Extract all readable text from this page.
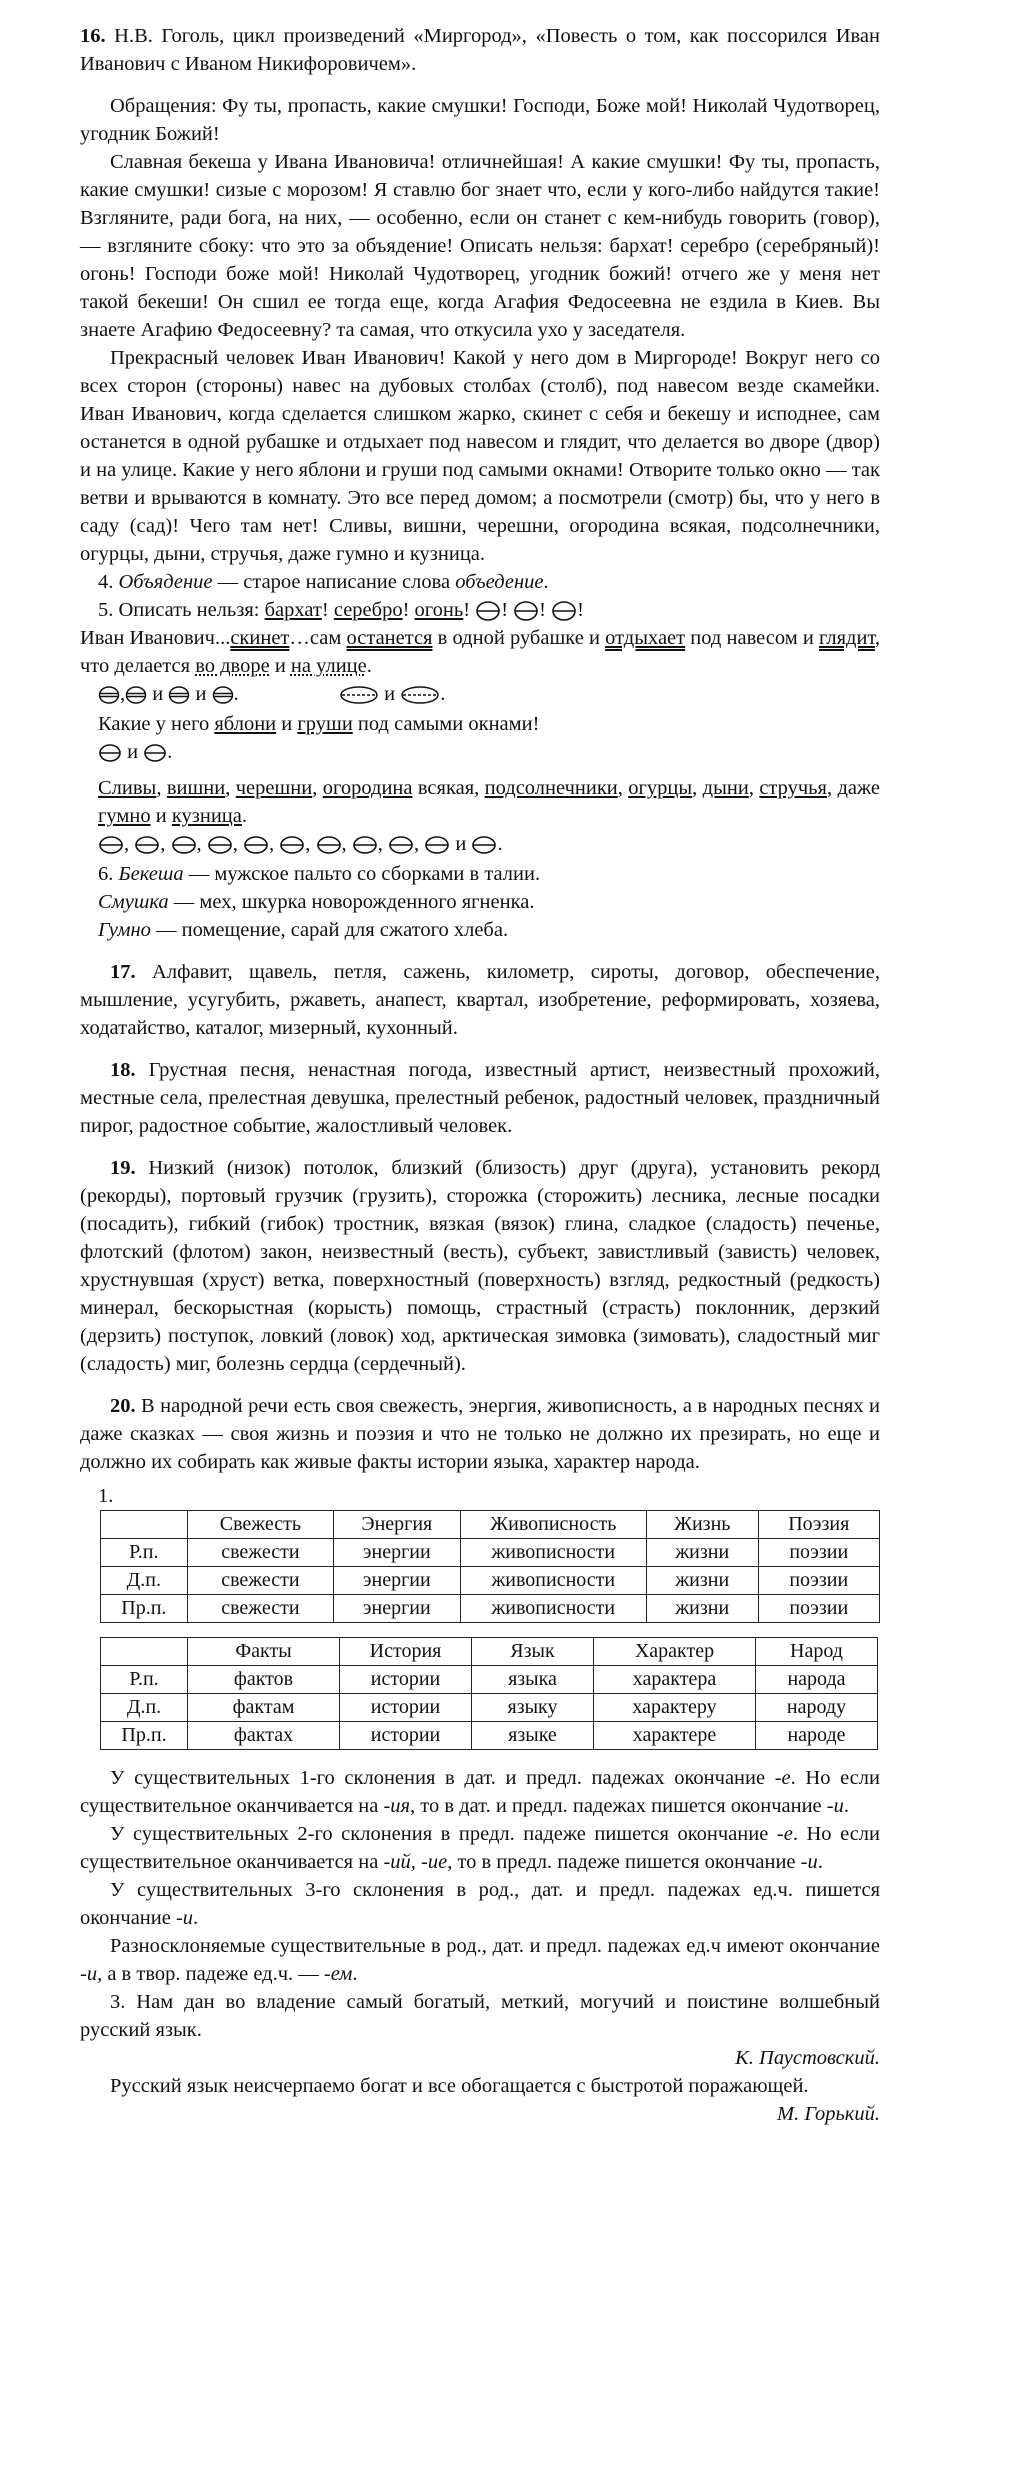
16. Н.В. Гоголь, цикл произведений «Миргород», «Повесть о том, как поссорился Иван Иванович с Иваном Никифоровичем».

Обращения: Фу ты, пропасть, какие смушки! Господи, Боже мой! Николай Чудотворец, угодник Божий!

Славная бекеша у Ивана Ивановича! отличнейшая! А какие смушки! Фу ты, пропасть, какие смушки! сизые с морозом! Я ставлю бог знает что, если у кого-либо найдутся такие! Взгляните, ради бога, на них, — особенно, если он станет с кем-нибудь говорить (говор), — взгляните сбоку: что это за объядение! Описать нельзя: бархат! серебро (серебряный)! огонь! Господи боже мой! Николай Чудотворец, угодник божий! отчего же у меня нет такой бекеши! Он сшил ее тогда еще, когда Агафия Федосеевна не ездила в Киев. Вы знаете Агафию Федосеевну? та самая, что откусила ухо у заседателя.

Прекрасный человек Иван Иванович! Какой у него дом в Миргороде! Вокруг него со всех сторон (стороны) навес на дубовых столбах (столб), под навесом везде скамейки. Иван Иванович, когда сделается слишком жарко, скинет с себя и бекешу и исподнее, сам останется в одной рубашке и отдыхает под навесом и глядит, что делается во дворе (двор) и на улице. Какие у него яблони и груши под самыми окнами! Отворите только окно — так ветви и врываются в комнату. Это все перед домом; а посмотрели (смотр) бы, что у него в саду (сад)! Чего там нет! Сливы, вишни, черешни, огородина всякая, подсолнечники, огурцы, дыни, стручья, даже гумно и кузница.

4. Объядение — старое написание слова объедение.

5. Описать нельзя: бархат! серебро! огонь! ! ! !

Иван Иванович...скинет…сам останется в одной рубашке и отдыхает под навесом и глядит, что делается во дворе и на улице.

, и и .	и .

Какие у него яблони и груши под самыми окнами!

и .

Сливы, вишни, черешни, огородина всякая, подсолнечники, огурцы, дыни, стручья, даже гумно и кузница.

, , , , , , , , , и .

6. Бекеша — мужское пальто со сборками в талии.

Смушка — мех, шкурка новорожденного ягненка.

Гумно — помещение, сарай для сжатого хлеба.

17. Алфавит, щавель, петля, сажень, километр, сироты, договор, обеспечение, мышление, усугубить, ржаветь, анапест, квартал, изобретение, реформировать, хозяева, ходатайство, каталог, мизерный, кухонный.

18. Грустная песня, ненастная погода, известный артист, неизвестный прохожий, местные села, прелестная девушка, прелестный ребенок, радостный человек, праздничный пирог, радостное событие, жалостливый человек.

19. Низкий (низок) потолок, близкий (близость) друг (друга), установить рекорд (рекорды), портовый грузчик (грузить), сторожка (сторожить) лесника, лесные посадки (посадить), гибкий (гибок) тростник, вязкая (вязок) глина, сладкое (сладость) печенье, флотский (флотом) закон, неизвестный (весть), субъект, завистливый (зависть) человек, хрустнувшая (хруст) ветка, поверхностный (поверхность) взгляд, редкостный (редкость) минерал, бескорыстная (корысть) помощь, страстный (страсть) поклонник, дерзкий (дерзить) поступок, ловкий (ловок) ход, арктическая зимовка (зимовать), сладостный миг (сладость) миг, болезнь сердца (сердечный).

20. В народной речи есть своя свежесть, энергия, живописность, а в народных песнях и даже сказках — своя жизнь и поэзия и что не только не должно их презирать, но еще и должно их собирать как живые факты истории языка, характер народа.

1.

	Свежесть	Энергия	Живописность	Жизнь	Поэзия
Р.п.	свежести	энергии	живописности	жизни	поэзии
Д.п.	свежести	энергии	живописности	жизни	поэзии
Пр.п.	свежести	энергии	живописности	жизни	поэзии
	Факты	История	Язык	Характер	Народ
Р.п.	фактов	истории	языка	характера	народа
Д.п.	фактам	истории	языку	характеру	народу
Пр.п.	фактах	истории	языке	характере	народе

У существительных 1-го склонения в дат. и предл. падежах окончание -е. Но если существительное оканчивается на -ия, то в дат. и предл. падежах пишется окончание -и.

У существительных 2-го склонения в предл. падеже пишется окончание -е. Но если существительное оканчивается на -ий, -ие, то в предл. падеже пишется окончание -и.

У существительных 3-го склонения в род., дат. и предл. падежах ед.ч. пишется окончание -и.

Разносклоняемые существительные в род., дат. и предл. падежах ед.ч имеют окончание -и, а в твор. падеже ед.ч. — -ем.

3. Нам дан во владение самый богатый, меткий, могучий и поистине волшебный русский язык.

К. Паустовский.

Русский язык неисчерпаемо богат и все обогащается с быстротой поражающей.

М. Горький.
